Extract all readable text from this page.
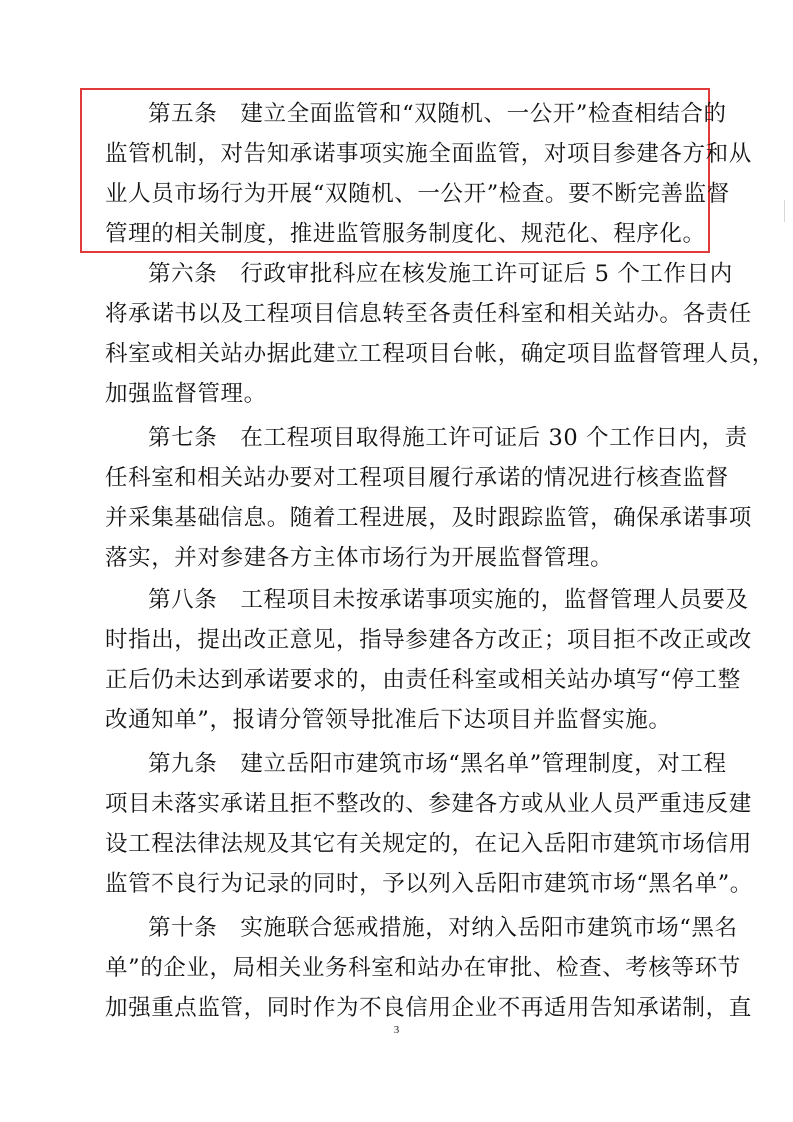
第五条　建立全面监管和“双随机、一公开”检查相结合的
监管机制，对告知承诺事项实施全面监管，对项目参建各方和从
业人员市场行为开展“双随机、一公开”检查。要不断完善监督
管理的相关制度，推进监管服务制度化、规范化、程序化。
第六条　行政审批科应在核发施工许可证后 5 个工作日内
将承诺书以及工程项目信息转至各责任科室和相关站办。各责任
科室或相关站办据此建立工程项目台帐，确定项目监督管理人员，
加强监督管理。
第七条　在工程项目取得施工许可证后 30 个工作日内，责
任科室和相关站办要对工程项目履行承诺的情况进行核查监督
并采集基础信息。随着工程进展，及时跟踪监管，确保承诺事项
落实，并对参建各方主体市场行为开展监督管理。
第八条　工程项目未按承诺事项实施的，监督管理人员要及
时指出，提出改正意见，指导参建各方改正；项目拒不改正或改
正后仍未达到承诺要求的，由责任科室或相关站办填写“停工整
改通知单”，报请分管领导批准后下达项目并监督实施。
第九条　建立岳阳市建筑市场“黑名单”管理制度，对工程
项目未落实承诺且拒不整改的、参建各方或从业人员严重违反建
设工程法律法规及其它有关规定的，在记入岳阳市建筑市场信用
监管不良行为记录的同时，予以列入岳阳市建筑市场“黑名单”。
第十条　实施联合惩戒措施，对纳入岳阳市建筑市场“黑名
单”的企业，局相关业务科室和站办在审批、检查、考核等环节
加强重点监管，同时作为不良信用企业不再适用告知承诺制，直
3
